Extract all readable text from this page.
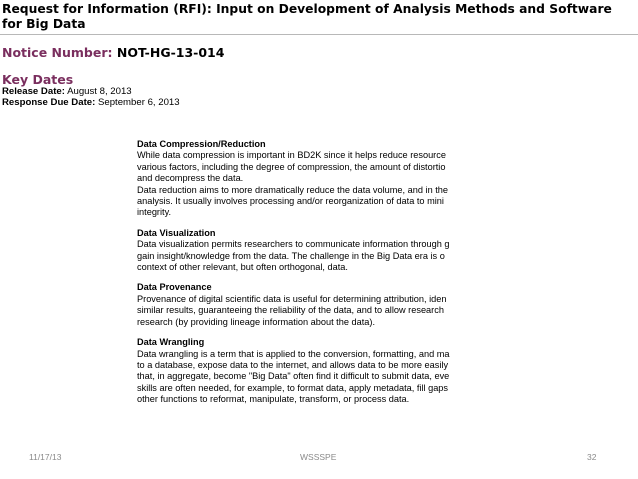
Request for Information (RFI): Input on Development of Analysis Methods and Software for Big Data
Notice Number: NOT-HG-13-014
Key Dates
Release Date: August 8, 2013
Response Due Date: September 6, 2013
Data Compression/Reduction
While data compression is important in BD2K since it helps reduce resource
various factors, including the degree of compression, the amount of distortio
and decompress the data.
Data reduction aims to more dramatically reduce the data volume, and in the
analysis. It usually involves processing and/or reorganization of data to mini
integrity.
Data Visualization
Data visualization permits researchers to communicate information through g
gain insight/knowledge from the data. The challenge in the Big Data era is o
context of other relevant, but often orthogonal, data.
Data Provenance
Provenance of digital scientific data is useful for determining attribution, iden
similar results, guaranteeing the reliability of the data, and to allow research
research (by providing lineage information about the data).
Data Wrangling
Data wrangling is a term that is applied to the conversion, formatting, and ma
to a database, expose data to the internet, and allows data to be more easily
that, in aggregate, become "Big Data" often find it difficult to submit data, eve
skills are often needed, for example, to format data, apply metadata, fill gaps
other functions to reformat, manipulate, transform, or process data.
11/17/13	WSSSPE	32
